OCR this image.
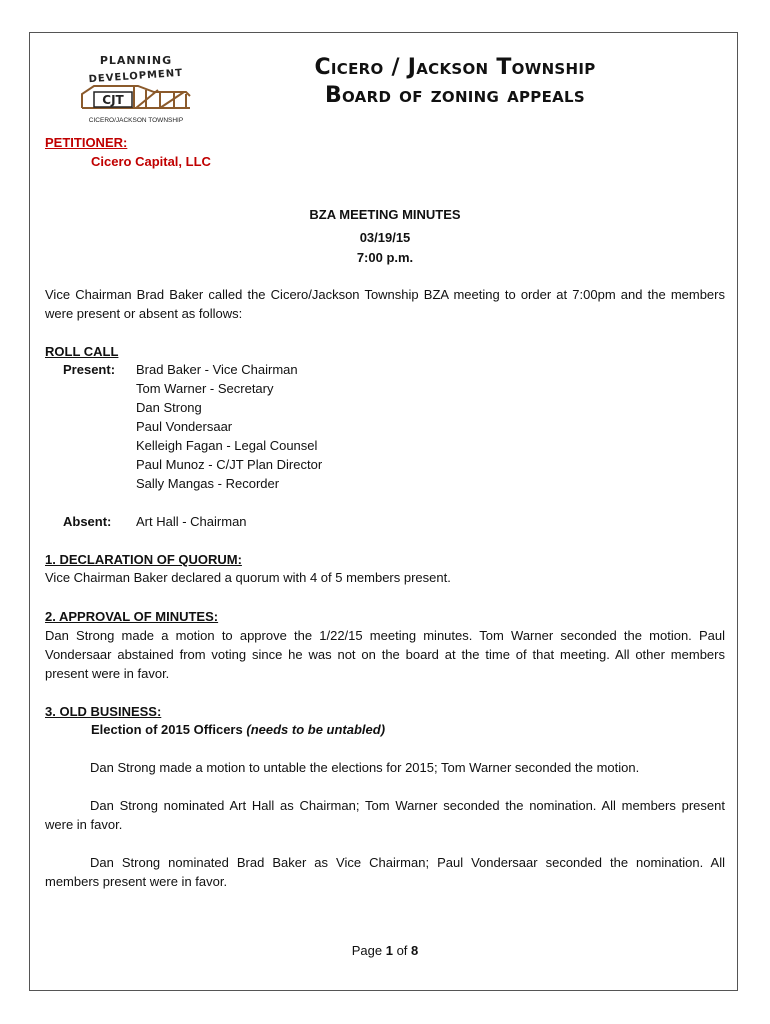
PLANNING
DEVELOPMENT
CJT
CICERO/JACKSON TOWNSHIP
Cicero / Jackson Township
Board of zoning appeals
PETITIONER:
Cicero Capital, LLC
BZA MEETING MINUTES
03/19/15
7:00 p.m.
Vice Chairman Brad Baker called the Cicero/Jackson Township BZA meeting to order at 7:00pm and the members were present or absent as follows:
ROLL CALL
Present: Brad Baker - Vice Chairman
Tom Warner - Secretary
Dan Strong
Paul Vondersaar
Kelleigh Fagan - Legal Counsel
Paul Munoz - C/JT Plan Director
Sally Mangas - Recorder
Absent: Art Hall - Chairman
1. DECLARATION OF QUORUM:
Vice Chairman Baker declared a quorum with 4 of 5 members present.
2. APPROVAL OF MINUTES:
Dan Strong made a motion to approve the 1/22/15 meeting minutes. Tom Warner seconded the motion. Paul Vondersaar abstained from voting since he was not on the board at the time of that meeting. All other members present were in favor.
3. OLD BUSINESS:
Election of 2015 Officers (needs to be untabled)
Dan Strong made a motion to untable the elections for 2015; Tom Warner seconded the motion.
Dan Strong nominated Art Hall as Chairman; Tom Warner seconded the nomination. All members present were in favor.
Dan Strong nominated Brad Baker as Vice Chairman; Paul Vondersaar seconded the nomination. All members present were in favor.
Page 1 of 8
